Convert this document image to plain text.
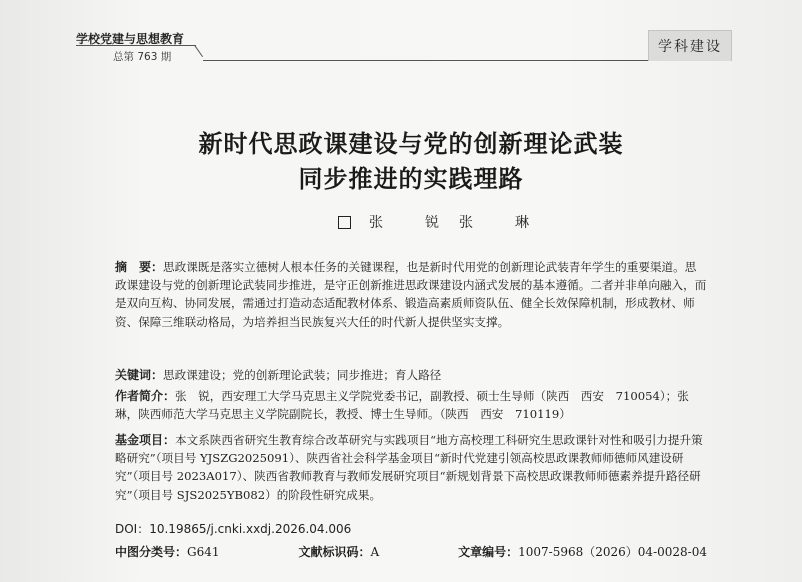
学校党建与思想教育
总第 763 期
学科建设
新时代思政课建设与党的创新理论武装
同步推进的实践理路
张　锐 张　琳
摘　要：思政课既是落实立德树人根本任务的关键课程，也是新时代用党的创新理论武装青年学生的重要渠道。思政课建设与党的创新理论武装同步推进，是守正创新推进思政课建设内涵式发展的基本遵循。二者并非单向融入，而是双向互构、协同发展，需通过打造动态适配教材体系、锻造高素质师资队伍、健全长效保障机制，形成教材、师资、保障三维联动格局，为培养担当民族复兴大任的时代新人提供坚实支撑。
关键词：思政课建设；党的创新理论武装；同步推进；育人路径
作者简介：张　锐，西安理工大学马克思主义学院党委书记，副教授、硕士生导师（陕西　西安　710054）；张　琳，陕西师范大学马克思主义学院副院长，教授、博士生导师。（陕西　西安　710119）
基金项目：本文系陕西省研究生教育综合改革研究与实践项目“地方高校理工科研究生思政课针对性和吸引力提升策略研究”（项目号 YJSZG2025091）、陕西省社会科学基金项目“新时代党建引领高校思政课教师师德师风建设研究”（项目号 2023A017）、陕西省教师教育与教师发展研究项目“新规划背景下高校思政课教师师德素养提升路径研究”（项目号 SJS2025YB082）的阶段性研究成果。
DOI：10.19865/j.cnki.xxdj.2026.04.006
中图分类号：G641	文献标识码：A	文章编号：1007-5968（2026）04-0028-04
